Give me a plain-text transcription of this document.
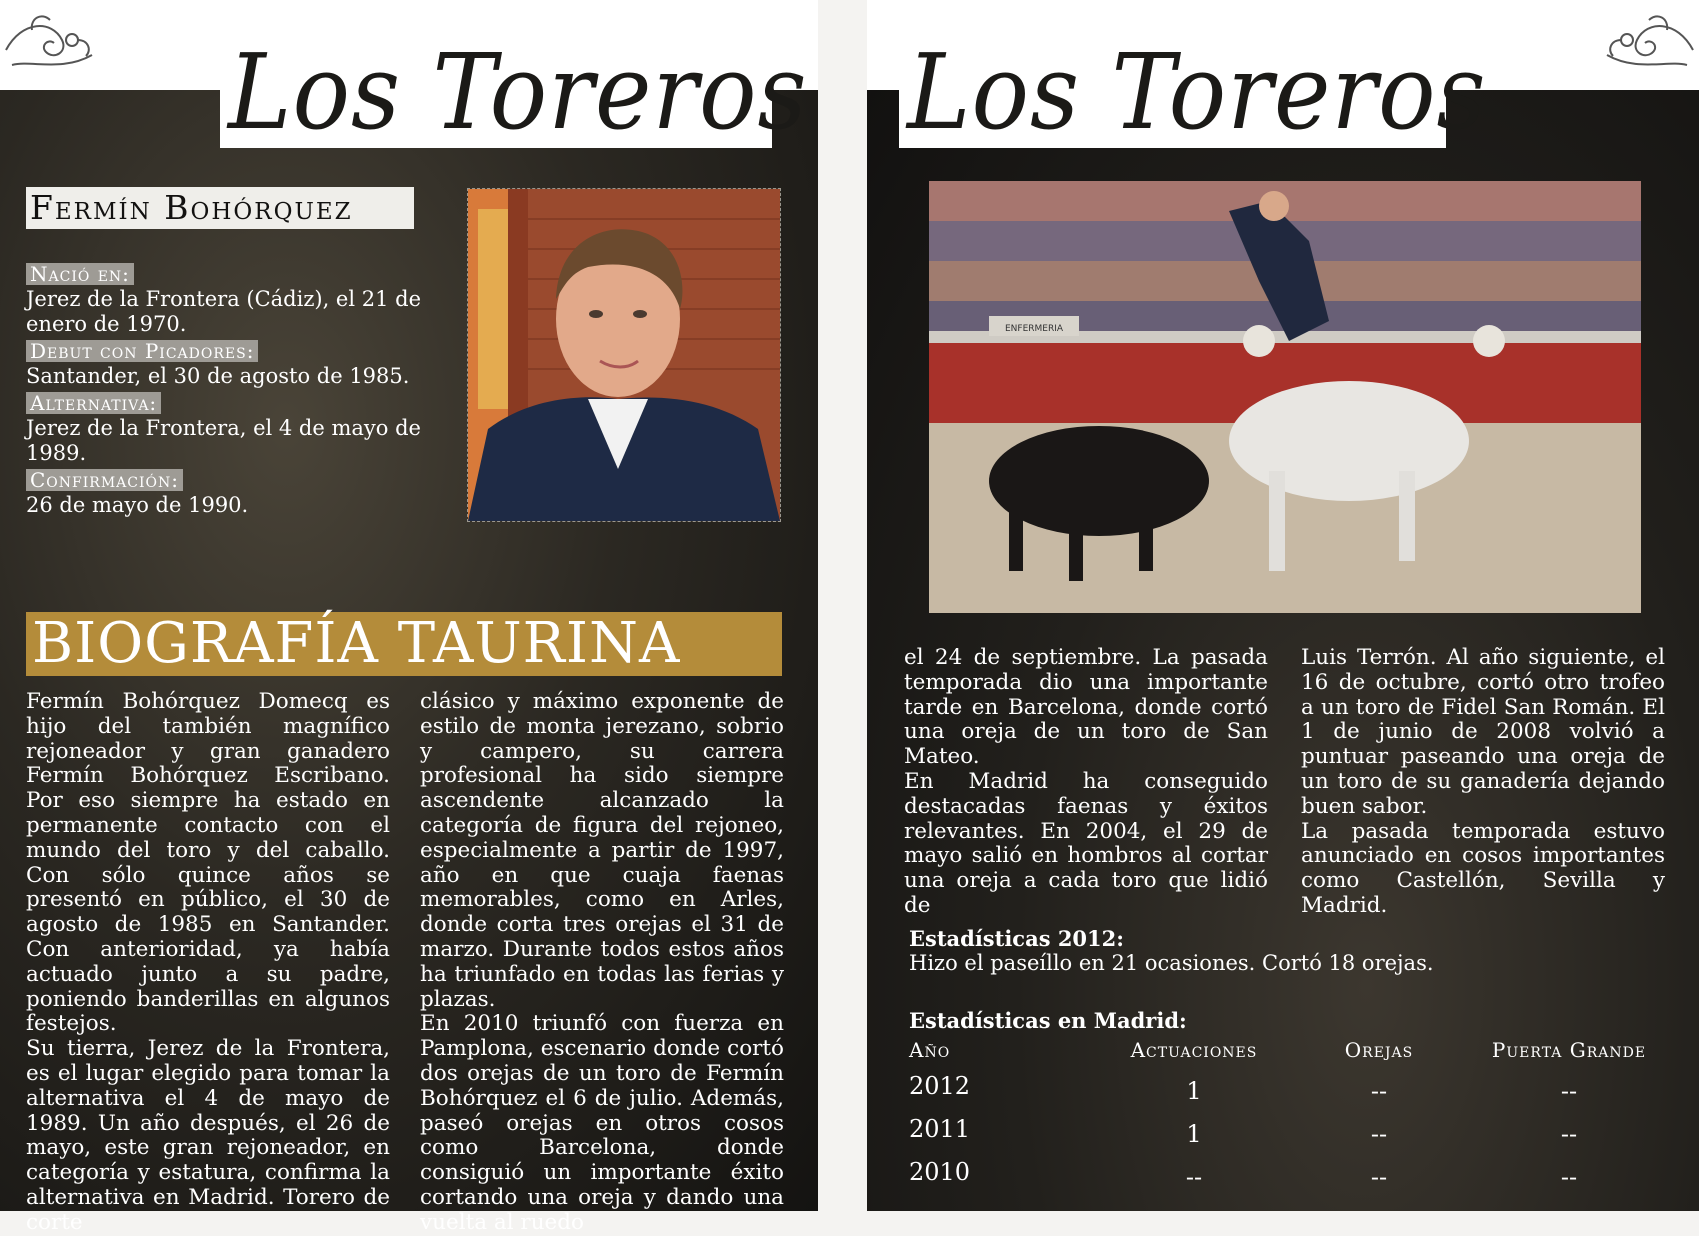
Los Toreros
Fermín Bohórquez
Nació en:
Jerez de la Frontera (Cádiz), el 21 de enero de 1970.
Debut con Picadores:
Santander, el 30 de agosto de 1985.
Alternativa:
Jerez de la Frontera, el 4 de mayo de 1989.
Confirmación:
26 de mayo de 1990.
BIOGRAFÍA TAURINA

Fermín Bohórquez Domecq es hijo del también magnífico rejoneador y gran ganadero Fermín Bohórquez Escribano. Por eso siempre ha estado en permanente contacto con el mundo del toro y del caballo. Con sólo quince años se presentó en público, el 30 de agosto de 1985 en Santander. Con anterioridad, ya había actuado junto a su padre, poniendo banderillas en algunos festejos.

Su tierra, Jerez de la Frontera, es el lugar elegido para tomar la alternativa el 4 de mayo de 1989. Un año después, el 26 de mayo, este gran rejoneador, en categoría y estatura, confirma la alternativa en Madrid. Torero de corte

clásico y máximo exponente de estilo de monta jerezano, sobrio y campero, su carrera profesional ha sido siempre ascendente alcanzado la categoría de figura del rejoneo, especialmente a partir de 1997, año en que cuaja faenas memorables, como en Arles, donde corta tres orejas el 31 de marzo. Durante todos estos años ha triunfado en todas las ferias y plazas.

En 2010 triunfó con fuerza en Pamplona, escenario donde cortó dos orejas de un toro de Fermín Bohórquez el 6 de julio. Además, paseó orejas en otros cosos como Barcelona, donde consiguió un importante éxito cortando una oreja y dando una vuelta al ruedo

Los Toreros
ENFERMERIA

el 24 de septiembre. La pasada temporada dio una importante tarde en Barcelona, donde cortó una oreja de un toro de San Mateo.

En Madrid ha conseguido destacadas faenas y éxitos relevantes. En 2004, el 29 de mayo salió en hombros al cortar una oreja a cada toro que lidió de

Luis Terrón. Al año siguiente, el 16 de octubre, cortó otro trofeo a un toro de Fidel San Román. El 1 de junio de 2008 volvió a puntuar paseando una oreja de un toro de su ganadería dejando buen sabor.

La pasada temporada estuvo anunciado en cosos importantes como Castellón, Sevilla y Madrid.

Estadísticas 2012:
Hizo el paseíllo en 21 ocasiones. Cortó 18 orejas.
Estadísticas en Madrid:
Año	Actuaciones	Orejas	Puerta Grande
2012	1	--	--
2011	1	--	--
2010	--	--	--
